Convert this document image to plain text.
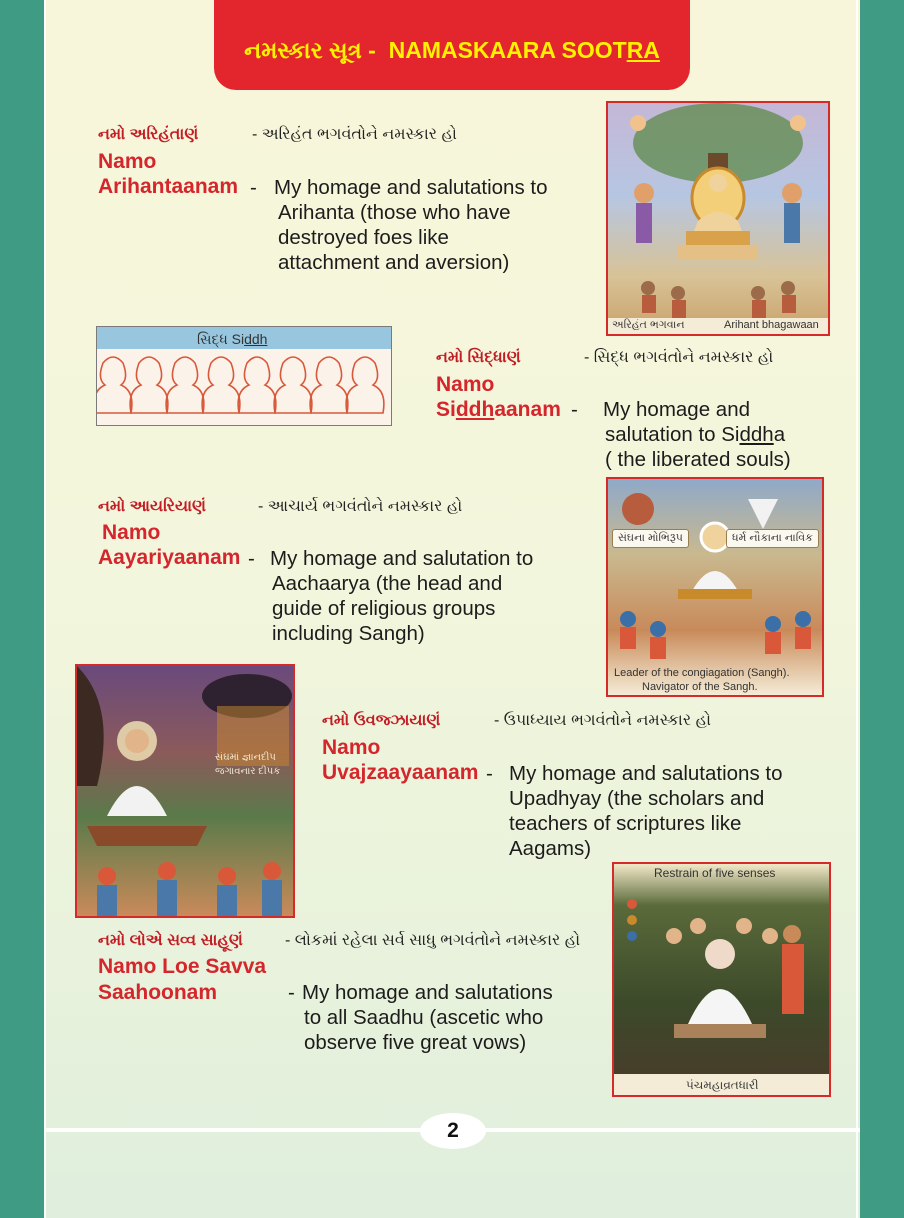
નમસ્કાર સૂત્ર -  NAMASKAARA SOOTRA
નમો અરિહંતાણં	- અરિહંત ભગવંતોને નમસ્કાર હો
Namo
Arihantaanam - My homage and salutations to
Arihanta (those who have
destroyed foes like
attachment and aversion)
અરિહંત ભગવાન	Arihant bhagawaan
સિદ્ધ Siddh
નમો સિદ્ધાણં	- સિદ્ધ ભગવંતોને નમસ્કાર હો
Namo
Siddhaanam - My homage and
salutation to Siddha
( the liberated souls)
નમો આયરિયાણં	- આચાર્ય ભગવંતોને નમસ્કાર હો
Namo
Aayariyaanam - My homage and salutation to
Aachaarya (the head and
guide of religious groups
including Sangh)
સંઘના મોભિરૂપ	ધર્મ નૌકાના નાવિક
Leader of the congiagation (Sangh).
Navigator of the Sangh.
સંઘમાં જ્ઞાનદીપ
જગાવનાર દીપક
નમો ઉવજ્ઝાયાણં	- ઉપાધ્યાય ભગવંતોને નમસ્કાર હો
Namo
Uvajzaayaanam - My homage and salutations to
Upadhyay (the scholars and
teachers of scriptures like
Aagams)
Restrain of five senses
પંચમહાવ્રતધારી
નમો લોએ સવ્વ સાહૂણં	- લોકમાં રહેલા સર્વ સાધુ ભગવંતોને નમસ્કાર હો
Namo Loe Savva
Saahoonam	- My homage and salutations
to all Saadhu (ascetic who
observe five great vows)
2
